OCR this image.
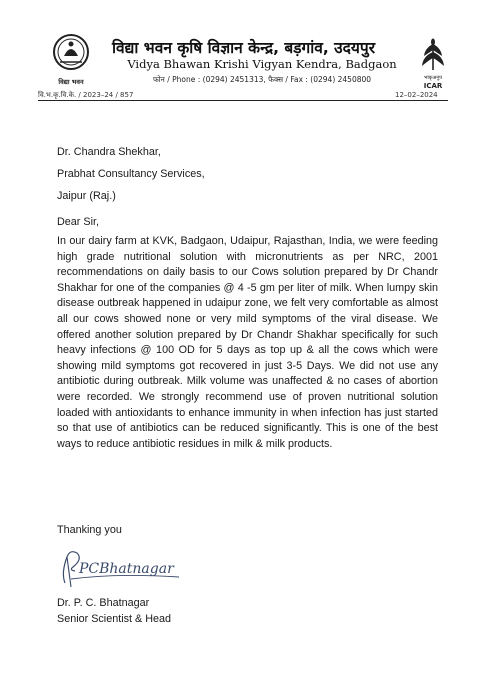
विद्या भवन
विद्या भवन कृषि विज्ञान केन्द्र, बड़गांव, उदयपुर
Vidya Bhawan Krishi Vigyan Kendra, Badgaon
फोन / Phone : (0294) 2451313, फैक्स / Fax : (0294) 2450800	भाकृअनुप
ICAR
वि.भ.कृ.वि.के. / 2023–24 / 857	12–02–2024
Dr. Chandra Shekhar,
Prabhat Consultancy Services,
Jaipur (Raj.)
Dear Sir,
In our dairy farm at KVK, Badgaon, Udaipur, Rajasthan, India, we were feeding high grade nutritional solution with micronutrients as per NRC, 2001 recommendations on daily basis to our Cows solution prepared by Dr Chandr Shakhar for one of the companies @ 4 -5 gm per liter of milk. When lumpy skin disease outbreak happened in udaipur zone, we felt very comfortable as almost all our cows showed none or very mild symptoms of the viral disease. We offered another solution prepared by Dr Chandr Shakhar specifically for such heavy infections @ 100 OD for 5 days as top up & all the cows which were showing mild symptoms got recovered in just 3-5 Days. We did not use any antibiotic during outbreak. Milk volume was unaffected & no cases of abortion were recorded. We strongly recommend use of proven nutritional solution loaded with antioxidants to enhance immunity in when infection has just started so that use of antibiotics can be reduced significantly. This is one of the best ways to reduce antibiotic residues in milk & milk products.
Thanking you
PCBhatnagar
Dr. P. C. Bhatnagar
Senior Scientist & Head
